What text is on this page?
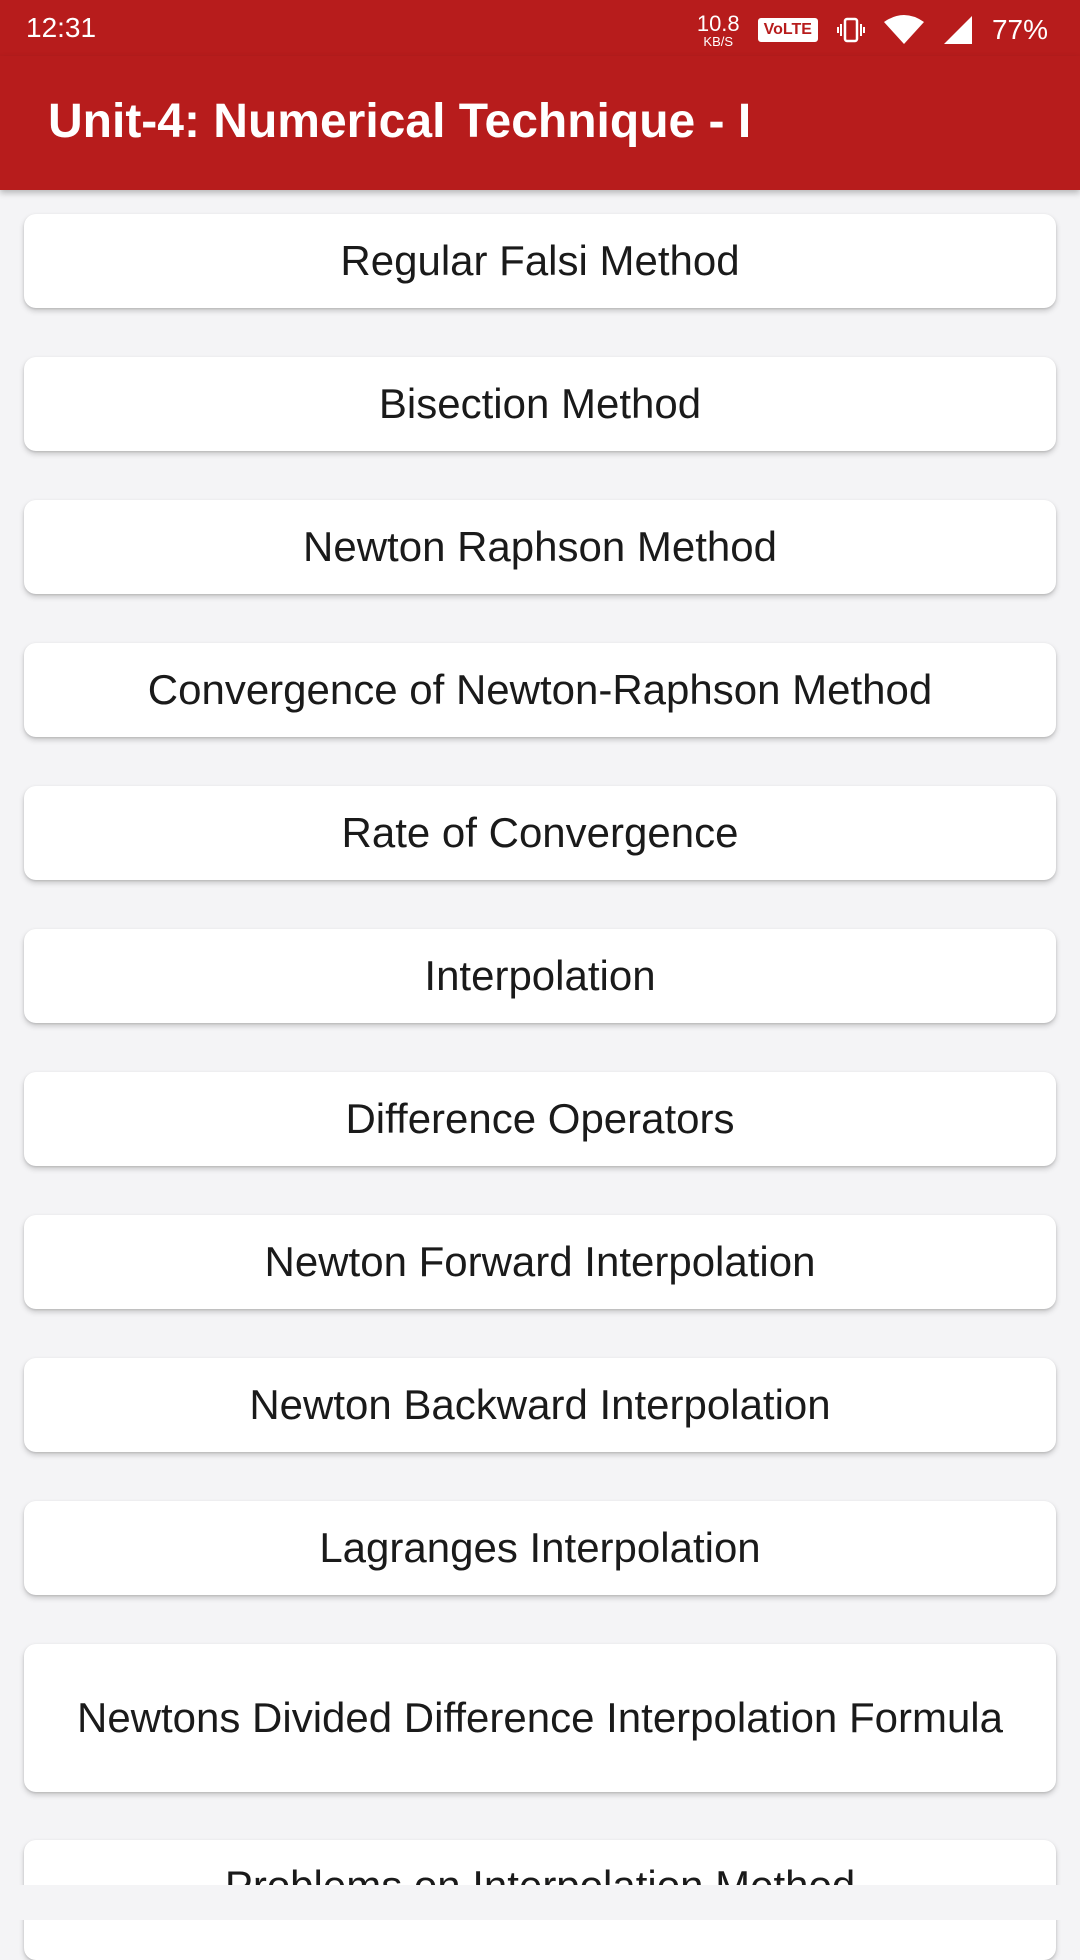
12:31	10.8
KB/S
VoLTE	77%
Unit-4: Numerical Technique - I
Regular Falsi Method
Bisection Method
Newton Raphson Method
Convergence of Newton-Raphson Method
Rate of Convergence
Interpolation
Difference Operators
Newton Forward Interpolation
Newton Backward Interpolation
Lagranges Interpolation
Newtons Divided Difference Interpolation Formula
